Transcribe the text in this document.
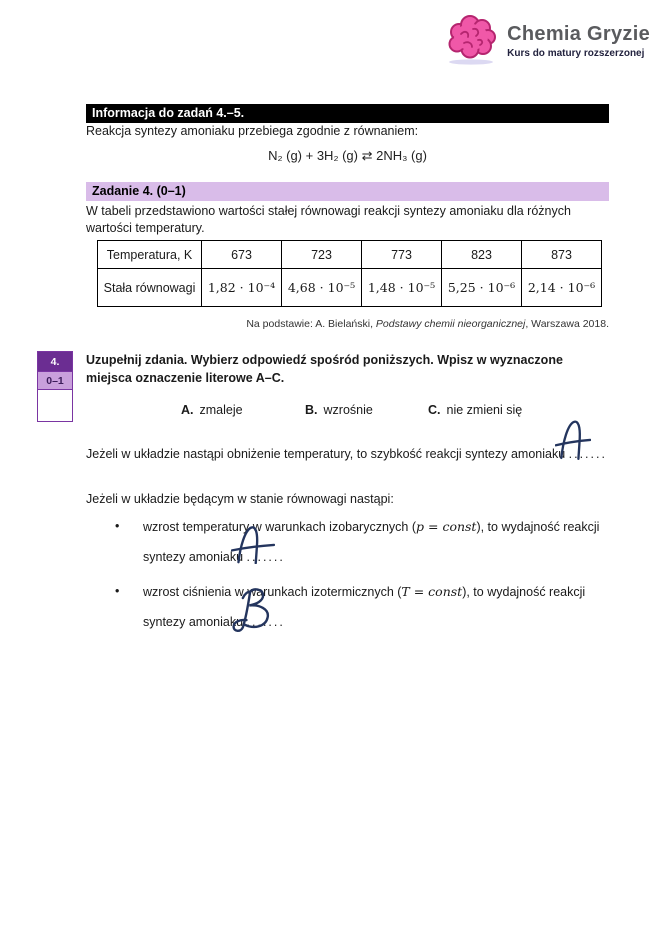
Chemia Gryzie
Kurs do matury rozszerzonej
Informacja do zadań 4.–5.
Reakcja syntezy amoniaku przebiega zgodnie z równaniem:
N₂ (g) + 3H₂ (g) ⇄ 2NH₃ (g)
Zadanie 4. (0–1)
W tabeli przedstawiono wartości stałej równowagi reakcji syntezy amoniaku dla różnych wartości temperatury.
Temperatura, K	673	723	773	823	873
Stała równowagi	1,82 · 10⁻⁴	4,68 · 10⁻⁵	1,48 · 10⁻⁵	5,25 · 10⁻⁶	2,14 · 10⁻⁶
Na podstawie: A. Bielański, Podstawy chemii nieorganicznej, Warszawa 2018.
Uzupełnij zdania. Wybierz odpowiedź spośród poniższych. Wpisz w wyznaczone miejsca oznaczenie literowe A–C.
A. zmaleje	B. wzrośnie	C. nie zmieni się
Jeżeli w układzie nastąpi obniżenie temperatury, to szybkość reakcji syntezy amoniaku .......
Jeżeli w układzie będącym w stanie równowagi nastąpi:
• wzrost temperatury w warunkach izobarycznych (p = const), to wydajność reakcji
syntezy amoniaku .......
• wzrost ciśnienia w warunkach izotermicznych (T = const), to wydajność reakcji
syntezy amoniaku .......
4.
0–1
